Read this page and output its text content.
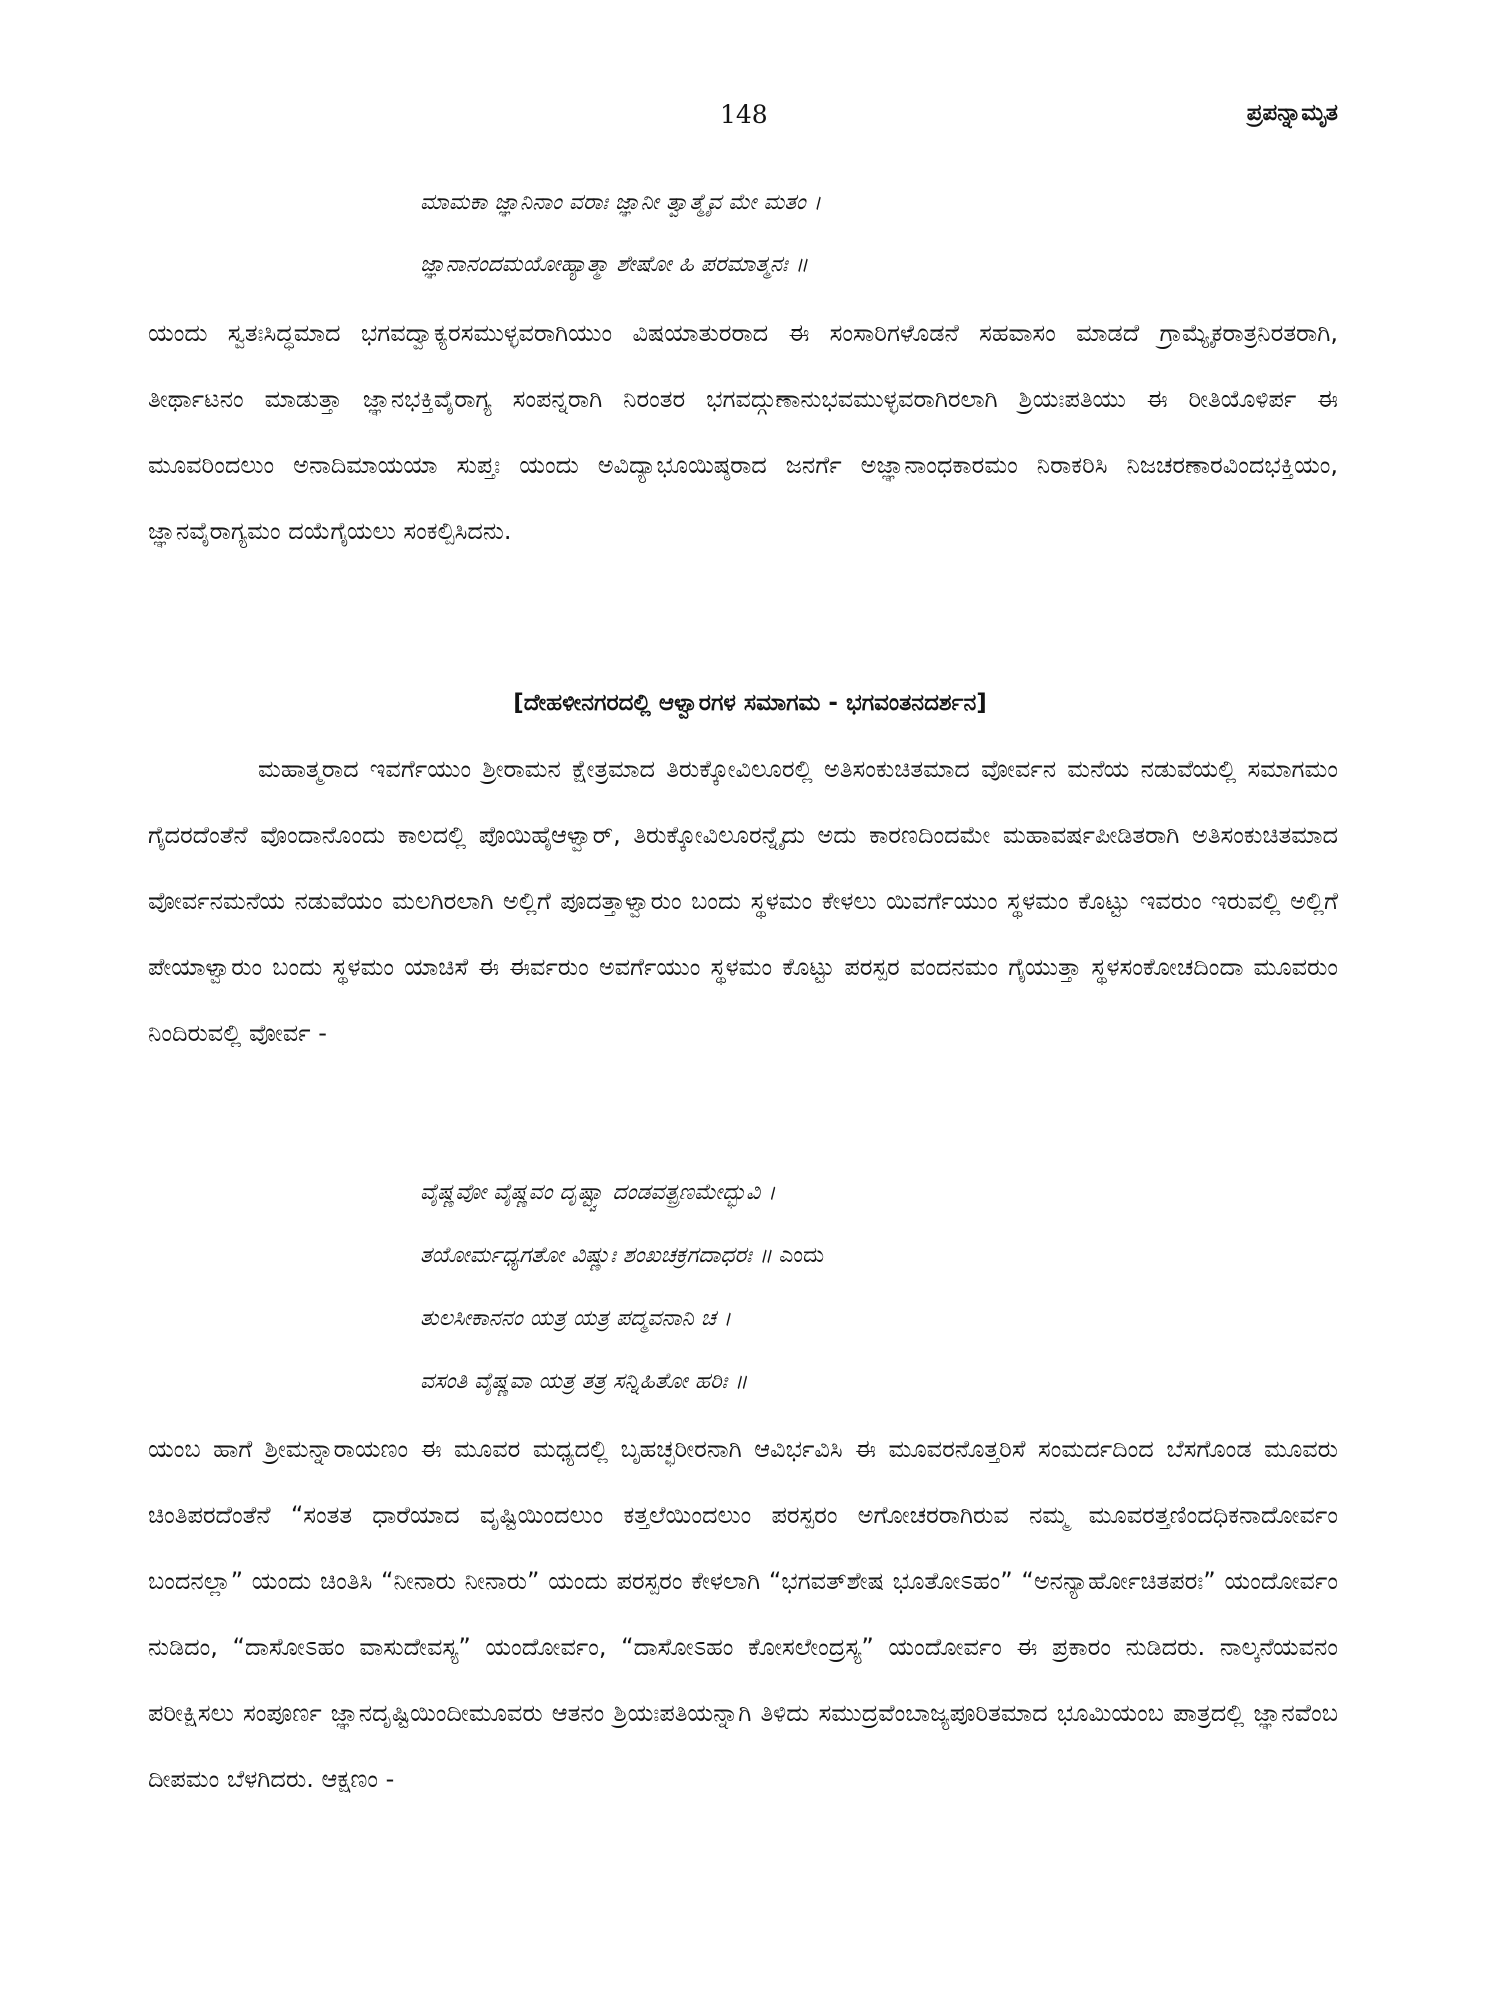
148	ಪ್ರಪನ್ನಾಮೃತ
ಮಾಮಕಾ ಜ್ಞಾನಿನಾಂ ವರಾಃ ಜ್ಞಾನೀ ತ್ವಾತ್ಮೈವ ಮೇ ಮತಂ ।
ಜ್ಞಾನಾನಂದಮಯೋಹ್ಯಾತ್ಮಾ ಶೇಷೋ ಹಿ ಪರಮಾತ್ಮನಃ ॥
ಯಂದು ಸ್ವತಃಸಿದ್ಧಮಾದ ಭಗವದ್ವಾಕ್ಯರಸಮುಳ್ಳವರಾಗಿಯುಂ ವಿಷಯಾತುರರಾದ ಈ ಸಂಸಾರಿಗಳೊಡನೆ ಸಹವಾಸಂ ಮಾಡದೆ ಗ್ರಾಮ್ಯೈಕರಾತ್ರನಿರತರಾಗಿ, ತೀರ್ಥಾಟನಂ ಮಾಡುತ್ತಾ ಜ್ಞಾನಭಕ್ತಿವೈರಾಗ್ಯ ಸಂಪನ್ನರಾಗಿ ನಿರಂತರ ಭಗವದ್ಗುಣಾನುಭವಮುಳ್ಳವರಾಗಿರಲಾಗಿ ಶ್ರಿಯಃಪತಿಯು ಈ ರೀತಿಯೊಳಿರ್ಪ ಈ ಮೂವರಿಂದಲುಂ ಅನಾದಿಮಾಯಯಾ ಸುಪ್ತಃ ಯಂದು ಅವಿದ್ಯಾಭೂಯಿಷ್ಠರಾದ ಜನರ್ಗೆ ಅಜ್ಞಾನಾಂಧಕಾರಮಂ ನಿರಾಕರಿಸಿ ನಿಜಚರಣಾರವಿಂದಭಕ್ತಿಯಂ, ಜ್ಞಾನವೈರಾಗ್ಯಮಂ ದಯೆಗೈಯಲು ಸಂಕಲ್ಪಿಸಿದನು.
[ದೇಹಳೀನಗರದಲ್ಲಿ ಆಳ್ವಾರಗಳ ಸಮಾಗಮ - ಭಗವಂತನದರ್ಶನ]
ಮಹಾತ್ಮರಾದ ಇವರ್ಗೆಯುಂ ಶ್ರೀರಾಮನ ಕ್ಷೇತ್ರಮಾದ ತಿರುಕ್ಕೋವಿಲೂರಲ್ಲಿ ಅತಿಸಂಕುಚಿತಮಾದ ವೋರ್ವನ ಮನೆಯ ನಡುವೆಯಲ್ಲಿ ಸಮಾಗಮಂ ಗೈದರದೆಂತೆನೆ ವೊಂದಾನೊಂದು ಕಾಲದಲ್ಲಿ ಪೊಯಿಹೈಆಳ್ವಾರ್, ತಿರುಕ್ಕೋವಿಲೂರನ್ನೈದು ಅದು ಕಾರಣದಿಂದಮೇ ಮಹಾವರ್ಷಪೀಡಿತರಾಗಿ ಅತಿಸಂಕುಚಿತಮಾದ ವೋರ್ವನಮನೆಯ ನಡುವೆಯಂ ಮಲಗಿರಲಾಗಿ ಅಲ್ಲಿಗೆ ಪೂದತ್ತಾಳ್ವಾರುಂ ಬಂದು ಸ್ಥಳಮಂ ಕೇಳಲು ಯಿವರ್ಗೆಯುಂ ಸ್ಥಳಮಂ ಕೊಟ್ಟು ಇವರುಂ ಇರುವಲ್ಲಿ ಅಲ್ಲಿಗೆ ಪೇಯಾಳ್ವಾರುಂ ಬಂದು ಸ್ಥಳಮಂ ಯಾಚಿಸೆ ಈ ಈರ್ವರುಂ ಅವರ್ಗೆಯುಂ ಸ್ಥಳಮಂ ಕೊಟ್ಟು ಪರಸ್ಪರ ವಂದನಮಂ ಗೈಯುತ್ತಾ ಸ್ಥಳಸಂಕೋಚದಿಂದಾ ಮೂವರುಂ ನಿಂದಿರುವಲ್ಲಿ ವೋರ್ವ -
ವೈಷ್ಣವೋ ವೈಷ್ಣವಂ ದೃಷ್ಟ್ವಾ ದಂಡವತ್ಪ್ರಣಮೇದ್ಭುವಿ ।
ತಯೋರ್ಮಧ್ಯಗತೋ ವಿಷ್ಣುಃ ಶಂಖಚಕ್ರಗದಾಧರಃ ॥ ಎಂದು
ತುಲಸೀಕಾನನಂ ಯತ್ರ ಯತ್ರ ಪದ್ಮವನಾನಿ ಚ ।
ವಸಂತಿ ವೈಷ್ಣವಾ ಯತ್ರ ತತ್ರ ಸನ್ನಿಹಿತೋ ಹರಿಃ ॥
ಯಂಬ ಹಾಗೆ ಶ್ರೀಮನ್ನಾರಾಯಣಂ ಈ ಮೂವರ ಮಧ್ಯದಲ್ಲಿ ಬೃಹಚ್ಛರೀರನಾಗಿ ಆವಿರ್ಭವಿಸಿ ಈ ಮೂವರನೊತ್ತರಿಸೆ ಸಂಮರ್ದದಿಂದ ಬೆಸಗೊಂಡ ಮೂವರು ಚಿಂತಿಪರದೆಂತೆನೆ “ಸಂತತ ಧಾರೆಯಾದ ವೃಷ್ಟಿಯಿಂದಲುಂ ಕತ್ತಲೆಯಿಂದಲುಂ ಪರಸ್ಪರಂ ಅಗೋಚರರಾಗಿರುವ ನಮ್ಮ ಮೂವರತ್ತಣಿಂದಧಿಕನಾದೋರ್ವಂ ಬಂದನಲ್ಲಾ” ಯಂದು ಚಿಂತಿಸಿ “ನೀನಾರು ನೀನಾರು” ಯಂದು ಪರಸ್ಪರಂ ಕೇಳಲಾಗಿ “ಭಗವತ್‌ಶೇಷ ಭೂತೋಽಹಂ” “ಅನನ್ಯಾರ್ಹೋಚಿತಪರಃ” ಯಂದೋರ್ವಂ ನುಡಿದಂ, “ದಾಸೋಽಹಂ ವಾಸುದೇವಸ್ಯ” ಯಂದೋರ್ವಂ, “ದಾಸೋಽಹಂ ಕೋಸಲೇಂದ್ರಸ್ಯ” ಯಂದೋರ್ವಂ ಈ ಪ್ರಕಾರಂ ನುಡಿದರು. ನಾಲ್ಕನೆಯವನಂ ಪರೀಕ್ಷಿಸಲು ಸಂಪೂರ್ಣ ಜ್ಞಾನದೃಷ್ಟಿಯಿಂದೀಮೂವರು ಆತನಂ ಶ್ರಿಯಃಪತಿಯನ್ನಾಗಿ ತಿಳಿದು ಸಮುದ್ರವೆಂಬಾಜ್ಯಪೂರಿತಮಾದ ಭೂಮಿಯಂಬ ಪಾತ್ರದಲ್ಲಿ ಜ್ಞಾನವೆಂಬ ದೀಪಮಂ ಬೆಳಗಿದರು. ಆಕ್ಷಣಂ -
